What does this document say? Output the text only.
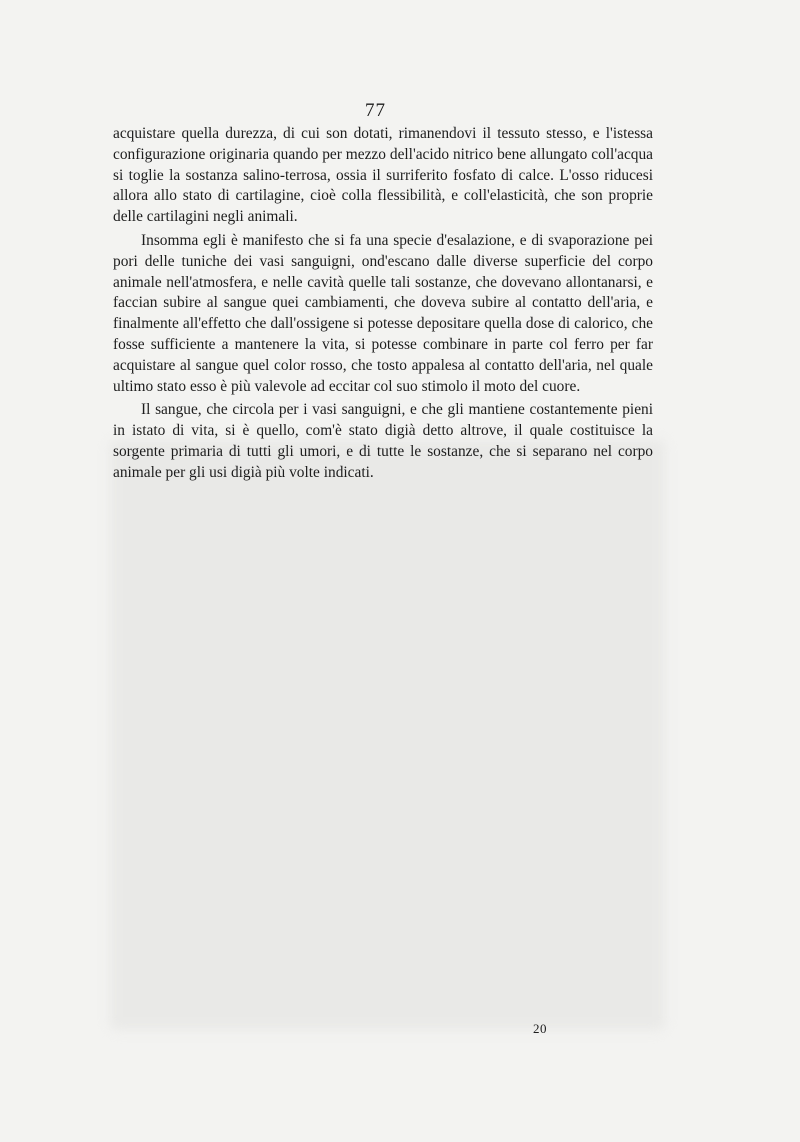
77

acquistare quella durezza, di cui son dotati, rimanendovi il tessuto stesso, e l'istessa configurazione originaria quando per mezzo dell'acido nitrico bene allungato coll'acqua si toglie la sostanza salino-terrosa, ossia il surriferito fosfato di calce. L'osso riducesi allora allo stato di cartilagine, cioè colla flessibilità, e coll'elasticità, che son proprie delle cartilagini negli animali.

Insomma egli è manifesto che si fa una specie d'esalazione, e di svaporazione pei pori delle tuniche dei vasi sanguigni, ond'escano dalle diverse superficie del corpo animale nell'atmosfera, e nelle cavità quelle tali sostanze, che dovevano allontanarsi, e faccian subire al sangue quei cambiamenti, che doveva subire al contatto dell'aria, e finalmente all'effetto che dall'ossigene si potesse depositare quella dose di calorico, che fosse sufficiente a mantenere la vita, si potesse combinare in parte col ferro per far acquistare al sangue quel color rosso, che tosto appalesa al contatto dell'aria, nel quale ultimo stato esso è più valevole ad eccitar col suo stimolo il moto del cuore.

Il sangue, che circola per i vasi sanguigni, e che gli mantiene costantemente pieni in istato di vita, si è quello, com'è stato digià detto altrove, il quale costituisce la sorgente primaria di tutti gli umori, e di tutte le sostanze, che si separano nel corpo animale per gli usi digià più volte indicati.

20
